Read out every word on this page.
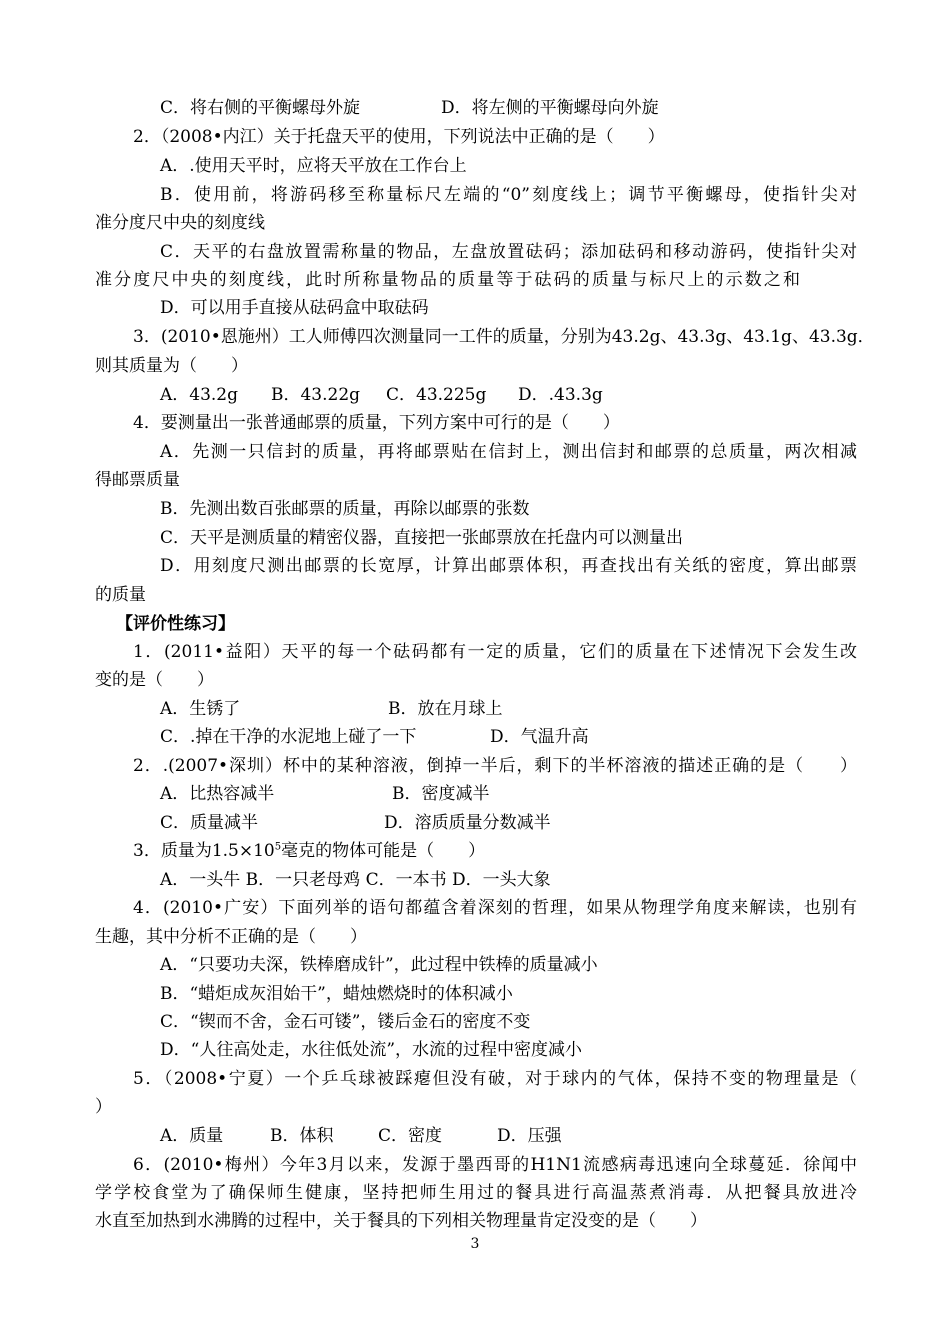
C．将右侧的平衡螺母外旋	D．将左侧的平衡螺母向外旋
2．（2008•内江）关于托盘天平的使用，下列说法中正确的是（　　）
A．.使用天平时，应将天平放在工作台上
B．使用前，将游码移至称量标尺左端的“0”刻度线上；调节平衡螺母，使指针尖对
准分度尺中央的刻度线
C．天平的右盘放置需称量的物品，左盘放置砝码；添加砝码和移动游码，使指针尖对
准分度尺中央的刻度线，此时所称量物品的质量等于砝码的质量与标尺上的示数之和
D．可以用手直接从砝码盒中取砝码
3．(2010•恩施州）工人师傅四次测量同一工件的质量，分别为43.2g、43.3g、43.1g、43.3g．
则其质量为（　　）
A．43.2g B．43.22g C．43.225g D．.43.3g
4．要测量出一张普通邮票的质量，下列方案中可行的是（　　）
A．先测一只信封的质量，再将邮票贴在信封上，测出信封和邮票的总质量，两次相减
得邮票质量
B．先测出数百张邮票的质量，再除以邮票的张数
C．天平是测质量的精密仪器，直接把一张邮票放在托盘内可以测量出
D．用刻度尺测出邮票的长宽厚，计算出邮票体积，再查找出有关纸的密度，算出邮票
的质量
【评价性练习】
1．(2011•益阳）天平的每一个砝码都有一定的质量，它们的质量在下述情况下会发生改
变的是（　　）
A．生锈了	B．放在月球上
C．.掉在干净的水泥地上碰了一下	D．气温升高
2．.(2007•深圳）杯中的某种溶液，倒掉一半后，剩下的半杯溶液的描述正确的是（　　）
A．比热容减半	B．密度减半
C．质量减半	D．溶质质量分数减半
3．质量为$1.5\times 10^5$毫克的物体可能是（　　）
A．一头牛 B．一只老母鸡 C．一本书 D．一头大象
4．(2010•广安）下面列举的语句都蕴含着深刻的哲理，如果从物理学角度来解读，也别有
生趣，其中分析不正确的是（　　）
A．“只要功夫深，铁棒磨成针”，此过程中铁棒的质量减小
B．“蜡炬成灰泪始干”，蜡烛燃烧时的体积减小
C．“锲而不舍，金石可镂”，镂后金石的密度不变
D．“人往高处走，水往低处流”，水流的过程中密度减小
5．（2008•宁夏）一个乒乓球被踩瘪但没有破，对于球内的气体，保持不变的物理量是（
）
A．质量	B．体积	C．密度	D．压强
6．(2010•梅州）今年3月以来，发源于墨西哥的H1N1流感病毒迅速向全球蔓延．徐闻中
学学校食堂为了确保师生健康，坚持把师生用过的餐具进行高温蒸煮消毒．从把餐具放进冷
水直至加热到水沸腾的过程中，关于餐具的下列相关物理量肯定没变的是（　　）
3
